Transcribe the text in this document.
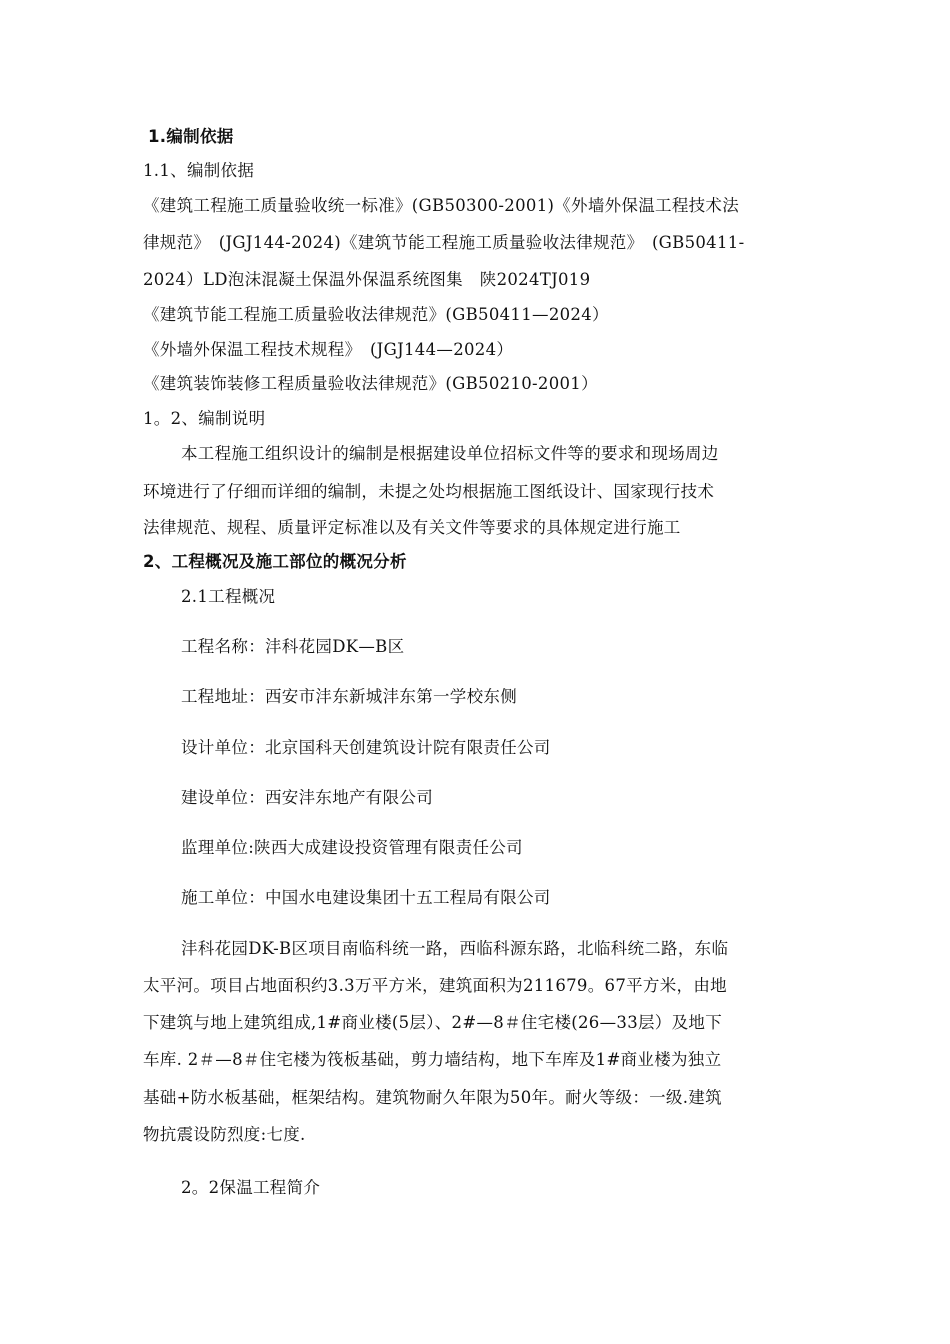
1.编制依据
1.1、编制依据
《建筑工程施工质量验收统一标准》(GB50300-2001)《外墙外保温工程技术法
律规范》　(JGJ144-2024)《建筑节能工程施工质量验收法律规范》　(GB50411-
2024）LD泡沫混凝土保温外保温系统图集　陕2024TJ019
《建筑节能工程施工质量验收法律规范》(GB50411—2024）
《外墙外保温工程技术规程》　(JGJ144—2024）
《建筑装饰装修工程质量验收法律规范》(GB50210-2001）
1。2、编制说明
本工程施工组织设计的编制是根据建设单位招标文件等的要求和现场周边
环境进行了仔细而详细的编制，未提之处均根据施工图纸设计、国家现行技术
法律规范、规程、质量评定标准以及有关文件等要求的具体规定进行施工
2、工程概况及施工部位的概况分析
2.1工程概况
工程名称：沣科花园DK—B区
工程地址：西安市沣东新城沣东第一学校东侧
设计单位：北京国科天创建筑设计院有限责任公司
建设单位：西安沣东地产有限公司
监理单位:陕西大成建设投资管理有限责任公司
施工单位：中国水电建设集团十五工程局有限公司
沣科花园DK-B区项目南临科统一路，西临科源东路，北临科统二路，东临
太平河。项目占地面积约3.3万平方米，建筑面积为211679。67平方米，由地
下建筑与地上建筑组成,1#商业楼(5层）、2#—8＃住宅楼(26—33层）及地下
车库. 2＃—8＃住宅楼为筏板基础，剪力墙结构，地下车库及1#商业楼为独立
基础+防水板基础，框架结构。建筑物耐久年限为50年。耐火等级：一级.建筑
物抗震设防烈度:七度.
2。2保温工程简介
